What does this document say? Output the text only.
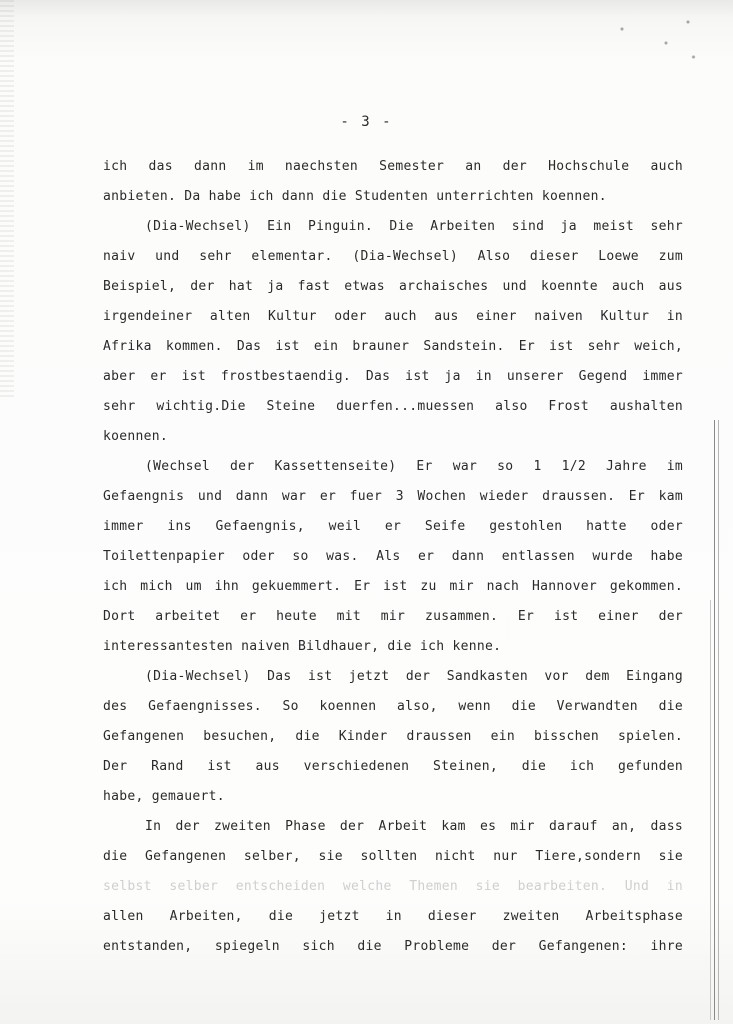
- 3 -
ich das dann im naechsten Semester an der Hochschule auch
anbieten. Da habe ich dann die Studenten unterrichten koennen.
(Dia-Wechsel) Ein Pinguin. Die Arbeiten sind ja meist sehr
naiv und sehr elementar. (Dia-Wechsel) Also dieser Loewe zum
Beispiel, der hat ja fast etwas archaisches und koennte auch aus
irgendeiner alten Kultur oder auch aus einer naiven Kultur in
Afrika kommen. Das ist ein brauner Sandstein. Er ist sehr weich,
aber er ist frostbestaendig. Das ist ja in unserer Gegend immer
sehr wichtig.Die Steine duerfen...muessen also Frost aushalten
koennen.
(Wechsel der Kassettenseite) Er war so 1 1/2 Jahre im
Gefaengnis und dann war er fuer 3 Wochen wieder draussen. Er kam
immer ins Gefaengnis, weil er Seife gestohlen hatte oder
Toilettenpapier oder so was. Als er dann entlassen wurde habe
ich mich um ihn gekuemmert. Er ist zu mir nach Hannover gekommen.
Dort arbeitet er heute mit mir zusammen. Er ist einer der
interessantesten naiven Bildhauer, die ich kenne.
(Dia-Wechsel) Das ist jetzt der Sandkasten vor dem Eingang
des Gefaengnisses. So koennen also, wenn die Verwandten die
Gefangenen besuchen, die Kinder draussen ein bisschen spielen.
Der Rand ist aus verschiedenen Steinen, die ich gefunden
habe, gemauert.
In der zweiten Phase der Arbeit kam es mir darauf an, dass
die Gefangenen selber, sie sollten nicht nur Tiere,sondern sie
selbst selber entscheiden welche Themen sie bearbeiten. Und in
allen Arbeiten, die jetzt in dieser zweiten Arbeitsphase
entstanden, spiegeln sich die Probleme der Gefangenen: ihre
